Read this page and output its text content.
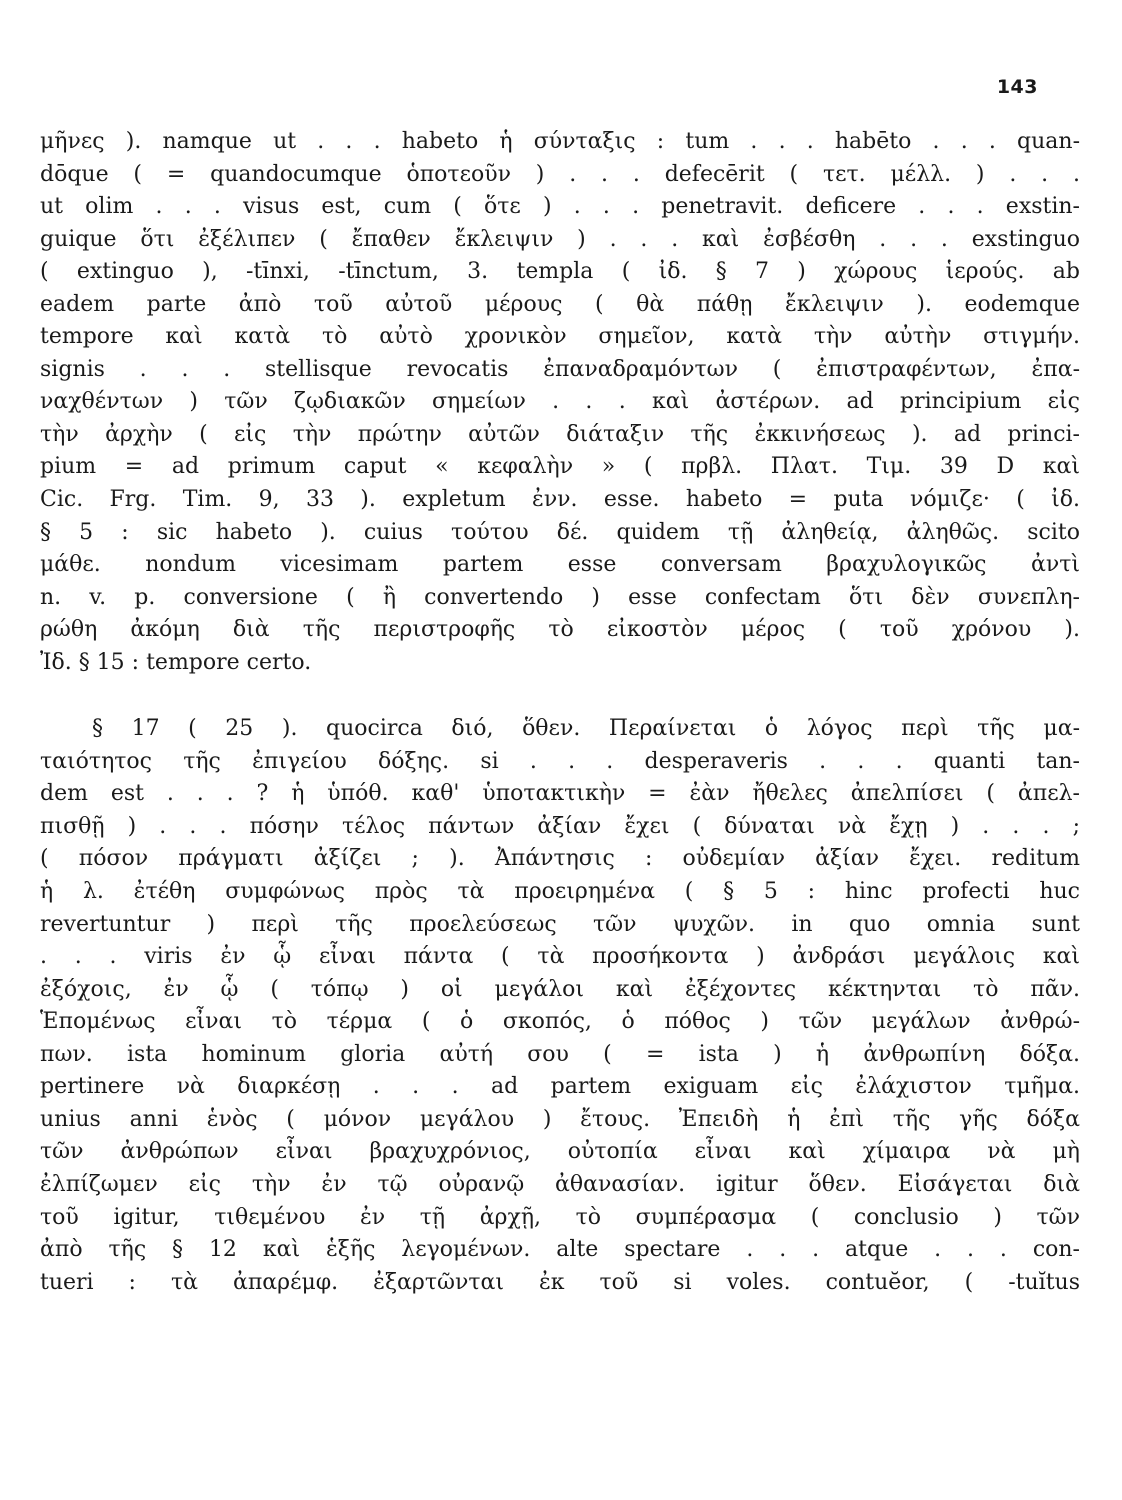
143
μῆνες ). namque ut . . . habeto ἡ σύνταξις : tum . . . habēto . . . quan-
dōque ( = quandocumque ὁποτεοῦν ) . . . defecērit ( τετ. μέλλ. ) . . .
ut olim . . . visus est, cum ( ὅτε ) . . . penetravit. deficere . . . exstin-
guique ὅτι ἐξέλιπεν ( ἔπαθεν ἔκλειψιν ) . . . καὶ ἐσβέσθη . . . exstinguo
( extinguo ), -tīnxi, -tīnctum, 3. templa ( ἰδ. § 7 ) χώρους ἱερούς. ab
eadem parte ἀπὸ τοῦ αὐτοῦ μέρους ( θὰ πάθῃ ἔκλειψιν ). eodemque
tempore καὶ κατὰ τὸ αὐτὸ χρονικὸν σημεῖον, κατὰ τὴν αὐτὴν στιγμήν.
signis . . . stellisque revocatis ἐπαναδραμόντων ( ἐπιστραφέντων, ἐπα-
ναχθέντων ) τῶν ζῳδιακῶν σημείων . . . καὶ ἀστέρων. ad principium εἰς
τὴν ἀρχὴν ( εἰς τὴν πρώτην αὐτῶν διάταξιν τῆς ἐκκινήσεως ). ad princi-
pium = ad primum caput « κεφαλὴν » ( πρβλ. Πλατ. Τιμ. 39 D καὶ
Cic. Frg. Tim. 9, 33 ). expletum ἐνν. esse. habeto = puta νόμιζε· ( ἰδ.
§ 5 : sic habeto ). cuius τούτου δέ. quidem τῇ ἀληθείᾳ, ἀληθῶς. scito
μάθε. nondum vicesimam partem esse conversam βραχυλογικῶς ἀντὶ
n. v. p. conversione ( ἢ convertendo ) esse confectam ὅτι δὲν συνεπλη-
ρώθη ἀκόμη διὰ τῆς περιστροφῆς τὸ εἰκοστὸν μέρος ( τοῦ χρόνου ).
Ἰδ. § 15 : tempore certo.
§ 17 ( 25 ). quocirca διό, ὅθεν. Περαίνεται ὁ λόγος περὶ τῆς μα-
ταιότητος τῆς ἐπιγείου δόξης. si . . . desperaveris . . . quanti tan-
dem est . . . ? ἡ ὑπόθ. καθ' ὑποτακτικὴν = ἐὰν ἤθελες ἀπελπίσει ( ἀπελ-
πισθῇ ) . . . πόσην τέλος πάντων ἀξίαν ἔχει ( δύναται νὰ ἔχῃ ) . . . ;
( πόσον πράγματι ἀξίζει ; ). Ἀπάντησις : οὐδεμίαν ἀξίαν ἔχει. reditum
ἡ λ. ἐτέθη συμφώνως πρὸς τὰ προειρημένα ( § 5 : hinc profecti huc
revertuntur ) περὶ τῆς προελεύσεως τῶν ψυχῶν. in quo omnia sunt
. . . viris ἐν ᾧ εἶναι πάντα ( τὰ προσήκοντα ) ἀνδράσι μεγάλοις καὶ
ἐξόχοις, ἐν ᾧ ( τόπῳ ) οἱ μεγάλοι καὶ ἐξέχοντες κέκτηνται τὸ πᾶν.
Ἑπομένως εἶναι τὸ τέρμα ( ὁ σκοπός, ὁ πόθος ) τῶν μεγάλων ἀνθρώ-
πων. ista hominum gloria αὐτή σου ( = ista ) ἡ ἀνθρωπίνη δόξα.
pertinere νὰ διαρκέσῃ . . . ad partem exiguam εἰς ἐλάχιστον τμῆμα.
unius anni ἑνὸς ( μόνον μεγάλου ) ἔτους. Ἐπειδὴ ἡ ἐπὶ τῆς γῆς δόξα
τῶν ἀνθρώπων εἶναι βραχυχρόνιος, οὐτοπία εἶναι καὶ χίμαιρα νὰ μὴ
ἐλπίζωμεν εἰς τὴν ἐν τῷ οὐρανῷ ἀθανασίαν. igitur ὅθεν. Εἰσάγεται διὰ
τοῦ igitur, τιθεμένου ἐν τῇ ἀρχῇ, τὸ συμπέρασμα ( conclusio ) τῶν
ἀπὸ τῆς § 12 καὶ ἑξῆς λεγομένων. alte spectare . . . atque . . . con-
tueri : τὰ ἀπαρέμφ. ἐξαρτῶνται ἐκ τοῦ si voles. contuĕor, ( -tuĭtus
